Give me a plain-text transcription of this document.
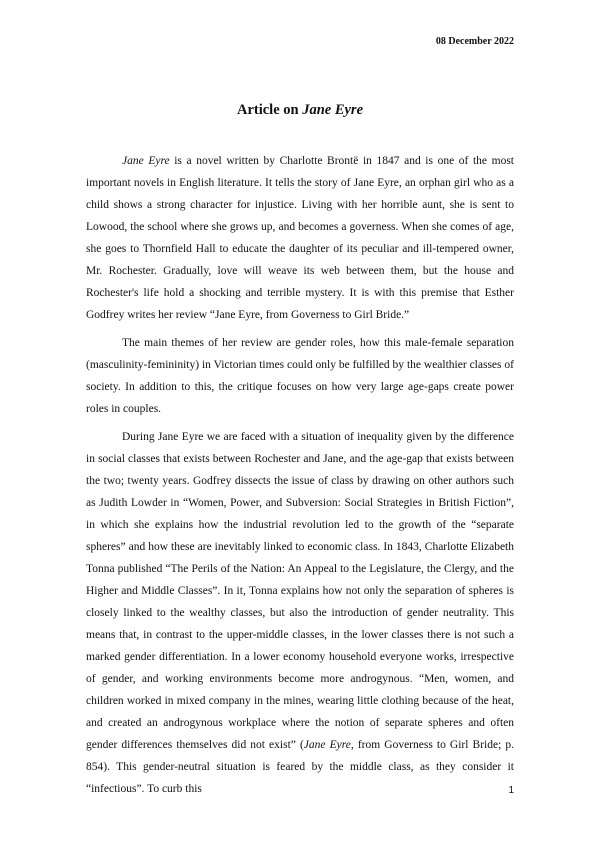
08 December 2022
Article on Jane Eyre

Jane Eyre is a novel written by Charlotte Brontë in 1847 and is one of the most important novels in English literature. It tells the story of Jane Eyre, an orphan girl who as a child shows a strong character for injustice. Living with her horrible aunt, she is sent to Lowood, the school where she grows up, and becomes a governess. When she comes of age, she goes to Thornfield Hall to educate the daughter of its peculiar and ill-tempered owner, Mr. Rochester. Gradually, love will weave its web between them, but the house and Rochester's life hold a shocking and terrible mystery. It is with this premise that Esther Godfrey writes her review “Jane Eyre, from Governess to Girl Bride.”

The main themes of her review are gender roles, how this male-female separation (masculinity-femininity) in Victorian times could only be fulfilled by the wealthier classes of society. In addition to this, the critique focuses on how very large age-gaps create power roles in couples.

During Jane Eyre we are faced with a situation of inequality given by the difference in social classes that exists between Rochester and Jane, and the age-gap that exists between the two; twenty years. Godfrey dissects the issue of class by drawing on other authors such as Judith Lowder in “Women, Power, and Subversion: Social Strategies in British Fiction”, in which she explains how the industrial revolution led to the growth of the “separate spheres” and how these are inevitably linked to economic class. In 1843, Charlotte Elizabeth Tonna published “The Perils of the Nation: An Appeal to the Legislature, the Clergy, and the Higher and Middle Classes”. In it, Tonna explains how not only the separation of spheres is closely linked to the wealthy classes, but also the introduction of gender neutrality. This means that, in contrast to the upper-middle classes, in the lower classes there is not such a marked gender differentiation. In a lower economy household everyone works, irrespective of gender, and working environments become more androgynous. “Men, women, and children worked in mixed company in the mines, wearing little clothing because of the heat, and created an androgynous workplace where the notion of separate spheres and often gender differences themselves did not exist” (Jane Eyre, from Governess to Girl Bride; p. 854). This gender-neutral situation is feared by the middle class, as they consider it “infectious”. To curb this	1
